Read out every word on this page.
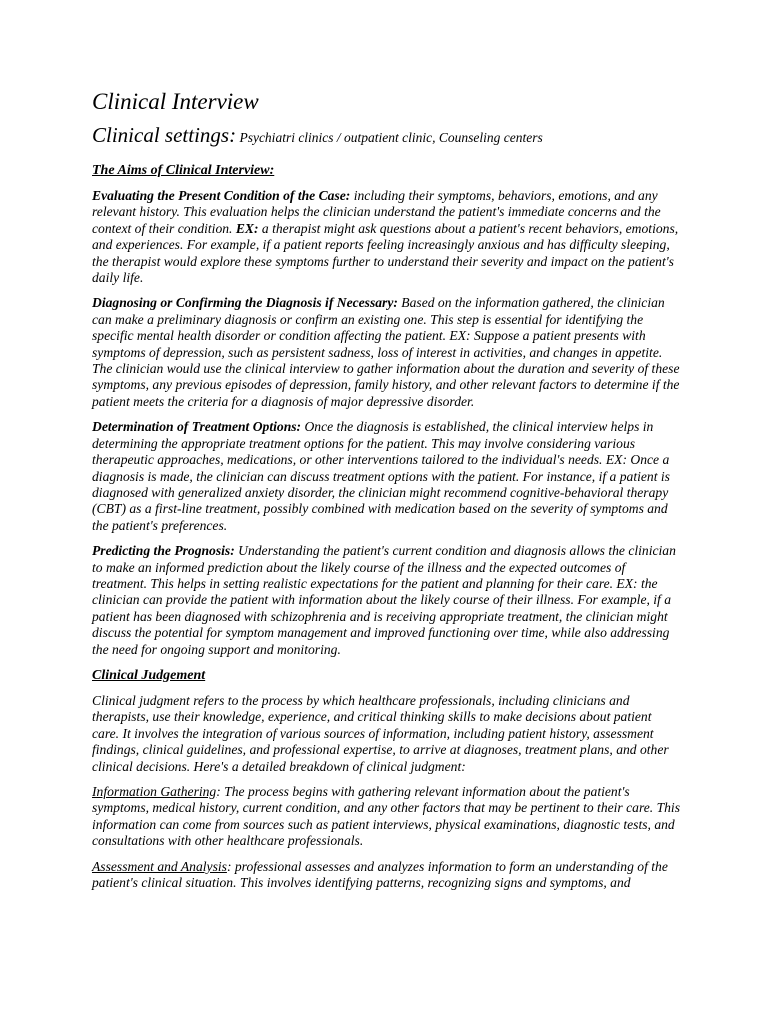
Clinical Interview

Clinical settings: Psychiatri clinics / outpatient clinic, Counseling centers

The Aims of Clinical Interview:

Evaluating the Present Condition of the Case: including their symptoms, behaviors, emotions, and any relevant history. This evaluation helps the clinician understand the patient's immediate concerns and the context of their condition. EX: a therapist might ask questions about a patient's recent behaviors, emotions, and experiences. For example, if a patient reports feeling increasingly anxious and has difficulty sleeping, the therapist would explore these symptoms further to understand their severity and impact on the patient's daily life.

Diagnosing or Confirming the Diagnosis if Necessary: Based on the information gathered, the clinician can make a preliminary diagnosis or confirm an existing one. This step is essential for identifying the specific mental health disorder or condition affecting the patient. EX: Suppose a patient presents with symptoms of depression, such as persistent sadness, loss of interest in activities, and changes in appetite. The clinician would use the clinical interview to gather information about the duration and severity of these symptoms, any previous episodes of depression, family history, and other relevant factors to determine if the patient meets the criteria for a diagnosis of major depressive disorder.

Determination of Treatment Options: Once the diagnosis is established, the clinical interview helps in determining the appropriate treatment options for the patient. This may involve considering various therapeutic approaches, medications, or other interventions tailored to the individual's needs. EX: Once a diagnosis is made, the clinician can discuss treatment options with the patient. For instance, if a patient is diagnosed with generalized anxiety disorder, the clinician might recommend cognitive-behavioral therapy (CBT) as a first-line treatment, possibly combined with medication based on the severity of symptoms and the patient's preferences.

Predicting the Prognosis: Understanding the patient's current condition and diagnosis allows the clinician to make an informed prediction about the likely course of the illness and the expected outcomes of treatment. This helps in setting realistic expectations for the patient and planning for their care. EX: the clinician can provide the patient with information about the likely course of their illness. For example, if a patient has been diagnosed with schizophrenia and is receiving appropriate treatment, the clinician might discuss the potential for symptom management and improved functioning over time, while also addressing the need for ongoing support and monitoring.

Clinical Judgement

Clinical judgment refers to the process by which healthcare professionals, including clinicians and therapists, use their knowledge, experience, and critical thinking skills to make decisions about patient care. It involves the integration of various sources of information, including patient history, assessment findings, clinical guidelines, and professional expertise, to arrive at diagnoses, treatment plans, and other clinical decisions. Here's a detailed breakdown of clinical judgment:

Information Gathering: The process begins with gathering relevant information about the patient's symptoms, medical history, current condition, and any other factors that may be pertinent to their care. This information can come from sources such as patient interviews, physical examinations, diagnostic tests, and consultations with other healthcare professionals.

Assessment and Analysis: professional assesses and analyzes information to form an understanding of the patient's clinical situation. This involves identifying patterns, recognizing signs and symptoms, and
